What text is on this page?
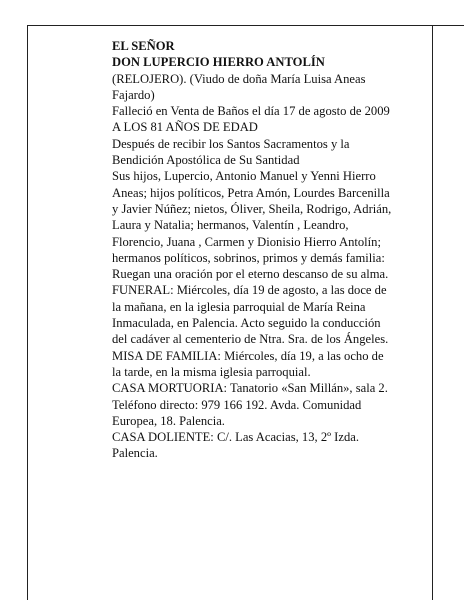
EL SEÑOR
DON LUPERCIO HIERRO ANTOLÍN
(RELOJERO). (Viudo de doña María Luisa Aneas
Fajardo)
Falleció en Venta de Baños el día 17 de agosto de 2009
A LOS 81 AÑOS DE EDAD
Después de recibir los Santos Sacramentos y la
Bendición Apostólica de Su Santidad
Sus hijos, Lupercio, Antonio Manuel y Yenni Hierro
Aneas; hijos políticos, Petra Amón, Lourdes Barcenilla
y Javier Núñez; nietos, Óliver, Sheila, Rodrigo, Adrián,
Laura y Natalia; hermanos, Valentín , Leandro,
Florencio, Juana , Carmen y Dionisio Hierro Antolín;
hermanos políticos, sobrinos, primos y demás familia:
Ruegan una oración por el eterno descanso de su alma.
FUNERAL: Miércoles, día 19 de agosto, a las doce de
la mañana, en la iglesia parroquial de María Reina
Inmaculada, en Palencia. Acto seguido la conducción
del cadáver al cementerio de Ntra. Sra. de los Ángeles.
MISA DE FAMILIA: Miércoles, día 19, a las ocho de
la tarde, en la misma iglesia parroquial.
CASA MORTUORIA: Tanatorio «San Millán», sala 2.
Teléfono directo: 979 166 192. Avda. Comunidad
Europea, 18. Palencia.
CASA DOLIENTE: C/. Las Acacias, 13, 2º Izda.
Palencia.
